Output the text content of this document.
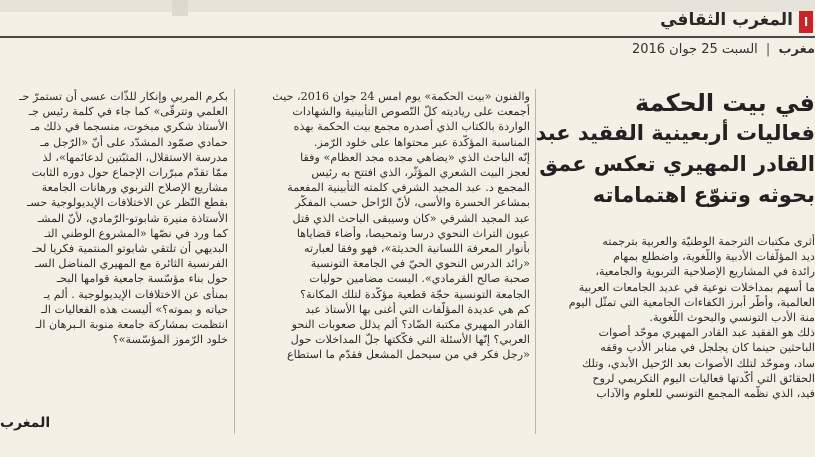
ا
المغرب الثقافي
مغرب | السبت 25 جوان 2016
في بيت الحكمة
فعاليات أربعينية الفقيد عبد
القادر المهيري تعكس عمق
بحوثه وتنوّع اهتماماته

أثرى مكتبات الترجمة الوطنيّة والعربية بترجمته

ديد المؤلّفات الأدبية واللّغوية، واضطلع بمهام

رائدة في المشاريع الإصلاحية التربوية والجامعية،

ما أسهم بمداخلات نوعية في عديد الجامعات العربية

العالمية، وأطّر أبرز الكفاءات الجامعية التي تمثّل اليوم

منة الأدب التونسي والبحوث اللّغوية.

ذلك هو الفقيد عبد القادر المهيري موحّد أصوات

الباحثين حينما كان يجلجل في منابر الأدب وقفه

ساد، وموحّد لتلك الأصوات بعد الرّحيل الأبدي، وتلك

الحقائق التي أكّدتها فعاليات اليوم التكريمي لروح

فيد، الذي نظّمه المجمع التونسي للعلوم والآداب

والفنون «بيت الحكمة» يوم امس 24 جوان 2016، حيث

أجمعت على رياديته كلّ النّصوص التأبينية والشهادات

الواردة بالكتاب الذي أصدره مجمع بيت الحكمة بهذه

المناسبة المؤكّدة عبر محتواها على خلود الرّمز.

إنّه الباحث الذي «يضاهي مجده مجد العظام» وفقا

لعجز البيت الشعري المؤثّر، الذي افتتح به رئيس

المجمع د. عبد المجيد الشرفي كلمته التأبينية المفعمة

بمشاعر الحسرة والأسى، لأنّ الرّاحل حسب المفكّر

عبد المجيد الشرفي «كان وسيبقى الباحث الذي قتل

عيون التراث النحوي درسا وتمحيصا، وأضاء قضاياها

بأنوار المعرفة اللسانية الحديثة»، فهو وفقا لعبارته

«رائد الدرس النحوي الحيّ في الجامعة التونسية

صحبة صالح القرمادي». اليست مضامين حوليات

الجامعة التونسية حجّة قطعية مؤكّدة لتلك المكانة؟

كم هي عديدة المؤلّفات التي أغنى بها الأستاذ عبد

القادر المهيري مكتبة الضّاد؟ ألم يذلل صعوبات النحو

العربي؟ إنّها الأسئلة التي فكّكتها جلّ المداخلات حول

«رجل فكر في من سيحمل المشعل فقدّم ما استطاع

بكرم المربي وإنكار للذّات عسى أن تستمرّ حـ

العلمي وتترقّى» كما جاء في كلمة رئيس جـ

الأستاذ شكري مبخوت، منسجما في ذلك مـ

حمادي صمّود المشدّد على أنّ «الرّجل مـ

مدرسة الاستقلال، المثبّتين لدعائمها»، لذ

ممّا تقدّم مبرّرات الإجماع حول دوره الثابت

مشاريع الإصلاح التربوي ورهانات الجامعة

بقطع النّظر عن الاختلافات الإيديولوجية حسـ

الأستاذة منيرة شابوتو-الرّمادي، لأنّ المشـ

كما ورد في نصّها «المشروع الوطني التـ

البديهي أن تلتقي شابوتو المنتمية فكريا لحـ

الفرنسية الثائرة مع المهيري المناضل السـ

حول بناء مؤسّسة جامعية قوامها البحـ

بمنأى عن الاختلافات الإيديولوجية . ألم يـ

حياته و بموته؟» أليست هذه الفعاليات الـ

انتظمت بمشاركة جامعة منوبة الـبرهان الـ

خلود الرّموز المؤسّسة»؟

المغرب
